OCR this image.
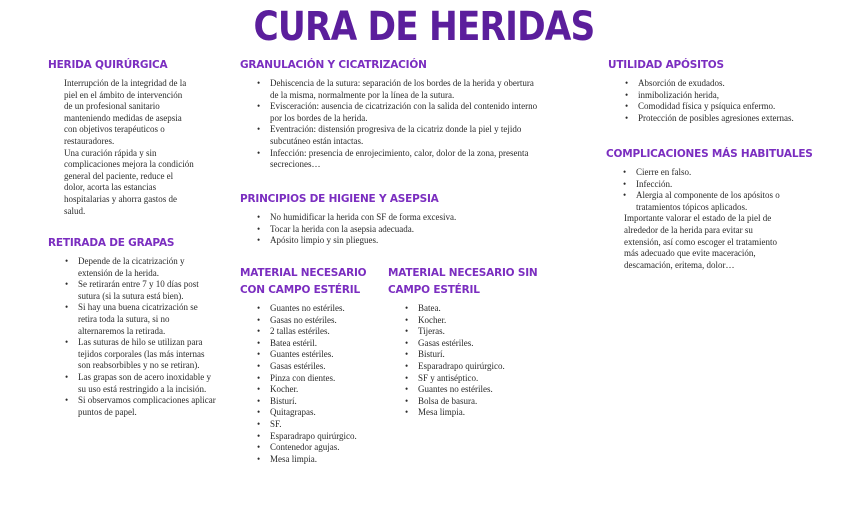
CURA DE HERIDAS
HERIDA QUIRÚRGICA
Interrupción de la integridad de la
piel en el ámbito de intervención
de un profesional sanitario
manteniendo medidas de asepsia
con objetivos terapéuticos o
restauradores.
Una curación rápida y sin
complicaciones mejora la condición
general del paciente, reduce el
dolor, acorta las estancias
hospitalarias y ahorra gastos de
salud.
RETIRADA DE GRAPAS
• Depende de la cicatrización y
extensión de la herida.
• Se retirarán entre 7 y 10 días post
sutura (si la sutura está bien).
• Si hay una buena cicatrización se
retira toda la sutura, si no
alternaremos la retirada.
• Las suturas de hilo se utilizan para
tejidos corporales (las más internas
son reabsorbibles y no se retiran).
• Las grapas son de acero inoxidable y
su uso está restringido a la incisión.
• Si observamos complicaciones aplicar
puntos de papel.
GRANULACIÓN Y CICATRIZACIÓN
• Dehiscencia de la sutura: separación de los bordes de la herida y obertura
de la misma, normalmente por la línea de la sutura.
• Evisceración: ausencia de cicatrización con la salida del contenido interno
por los bordes de la herida.
• Eventración: distensión progresiva de la cicatriz donde la piel y tejido
subcutáneo están intactas.
• Infección: presencia de enrojecimiento, calor, dolor de la zona, presenta
secreciones…
PRINCIPIOS DE HIGIENE Y ASEPSIA
• No humidificar la herida con SF de forma excesiva.
• Tocar la herida con la asepsia adecuada.
• Apósito limpio y sin pliegues.
MATERIAL NECESARIO
CON CAMPO ESTÉRIL
• Guantes no estériles.
• Gasas no estériles.
• 2 tallas estériles.
• Batea estéril.
• Guantes estériles.
• Gasas estériles.
• Pinza con dientes.
• Kocher.
• Bisturí.
• Quitagrapas.
• SF.
• Esparadrapo quirúrgico.
• Contenedor agujas.
• Mesa limpia.
MATERIAL NECESARIO SIN
CAMPO ESTÉRIL
• Batea.
• Kocher.
• Tijeras.
• Gasas estériles.
• Bisturí.
• Esparadrapo quirúrgico.
• SF y antiséptico.
• Guantes no estériles.
• Bolsa de basura.
• Mesa limpia.
UTILIDAD APÓSITOS
• Absorción de exudados.
• inmibolización herida,
• Comodidad física y psíquica enfermo.
• Protección de posibles agresiones externas.
COMPLICACIONES MÁS HABITUALES
• Cierre en falso.
• Infección.
• Alergia al componente de los apósitos o
tratamientos tópicos aplicados.
Importante valorar el estado de la piel de
alrededor de la herida para evitar su
extensión, así como escoger el tratamiento
más adecuado que evite maceración,
descamación, eritema, dolor…
